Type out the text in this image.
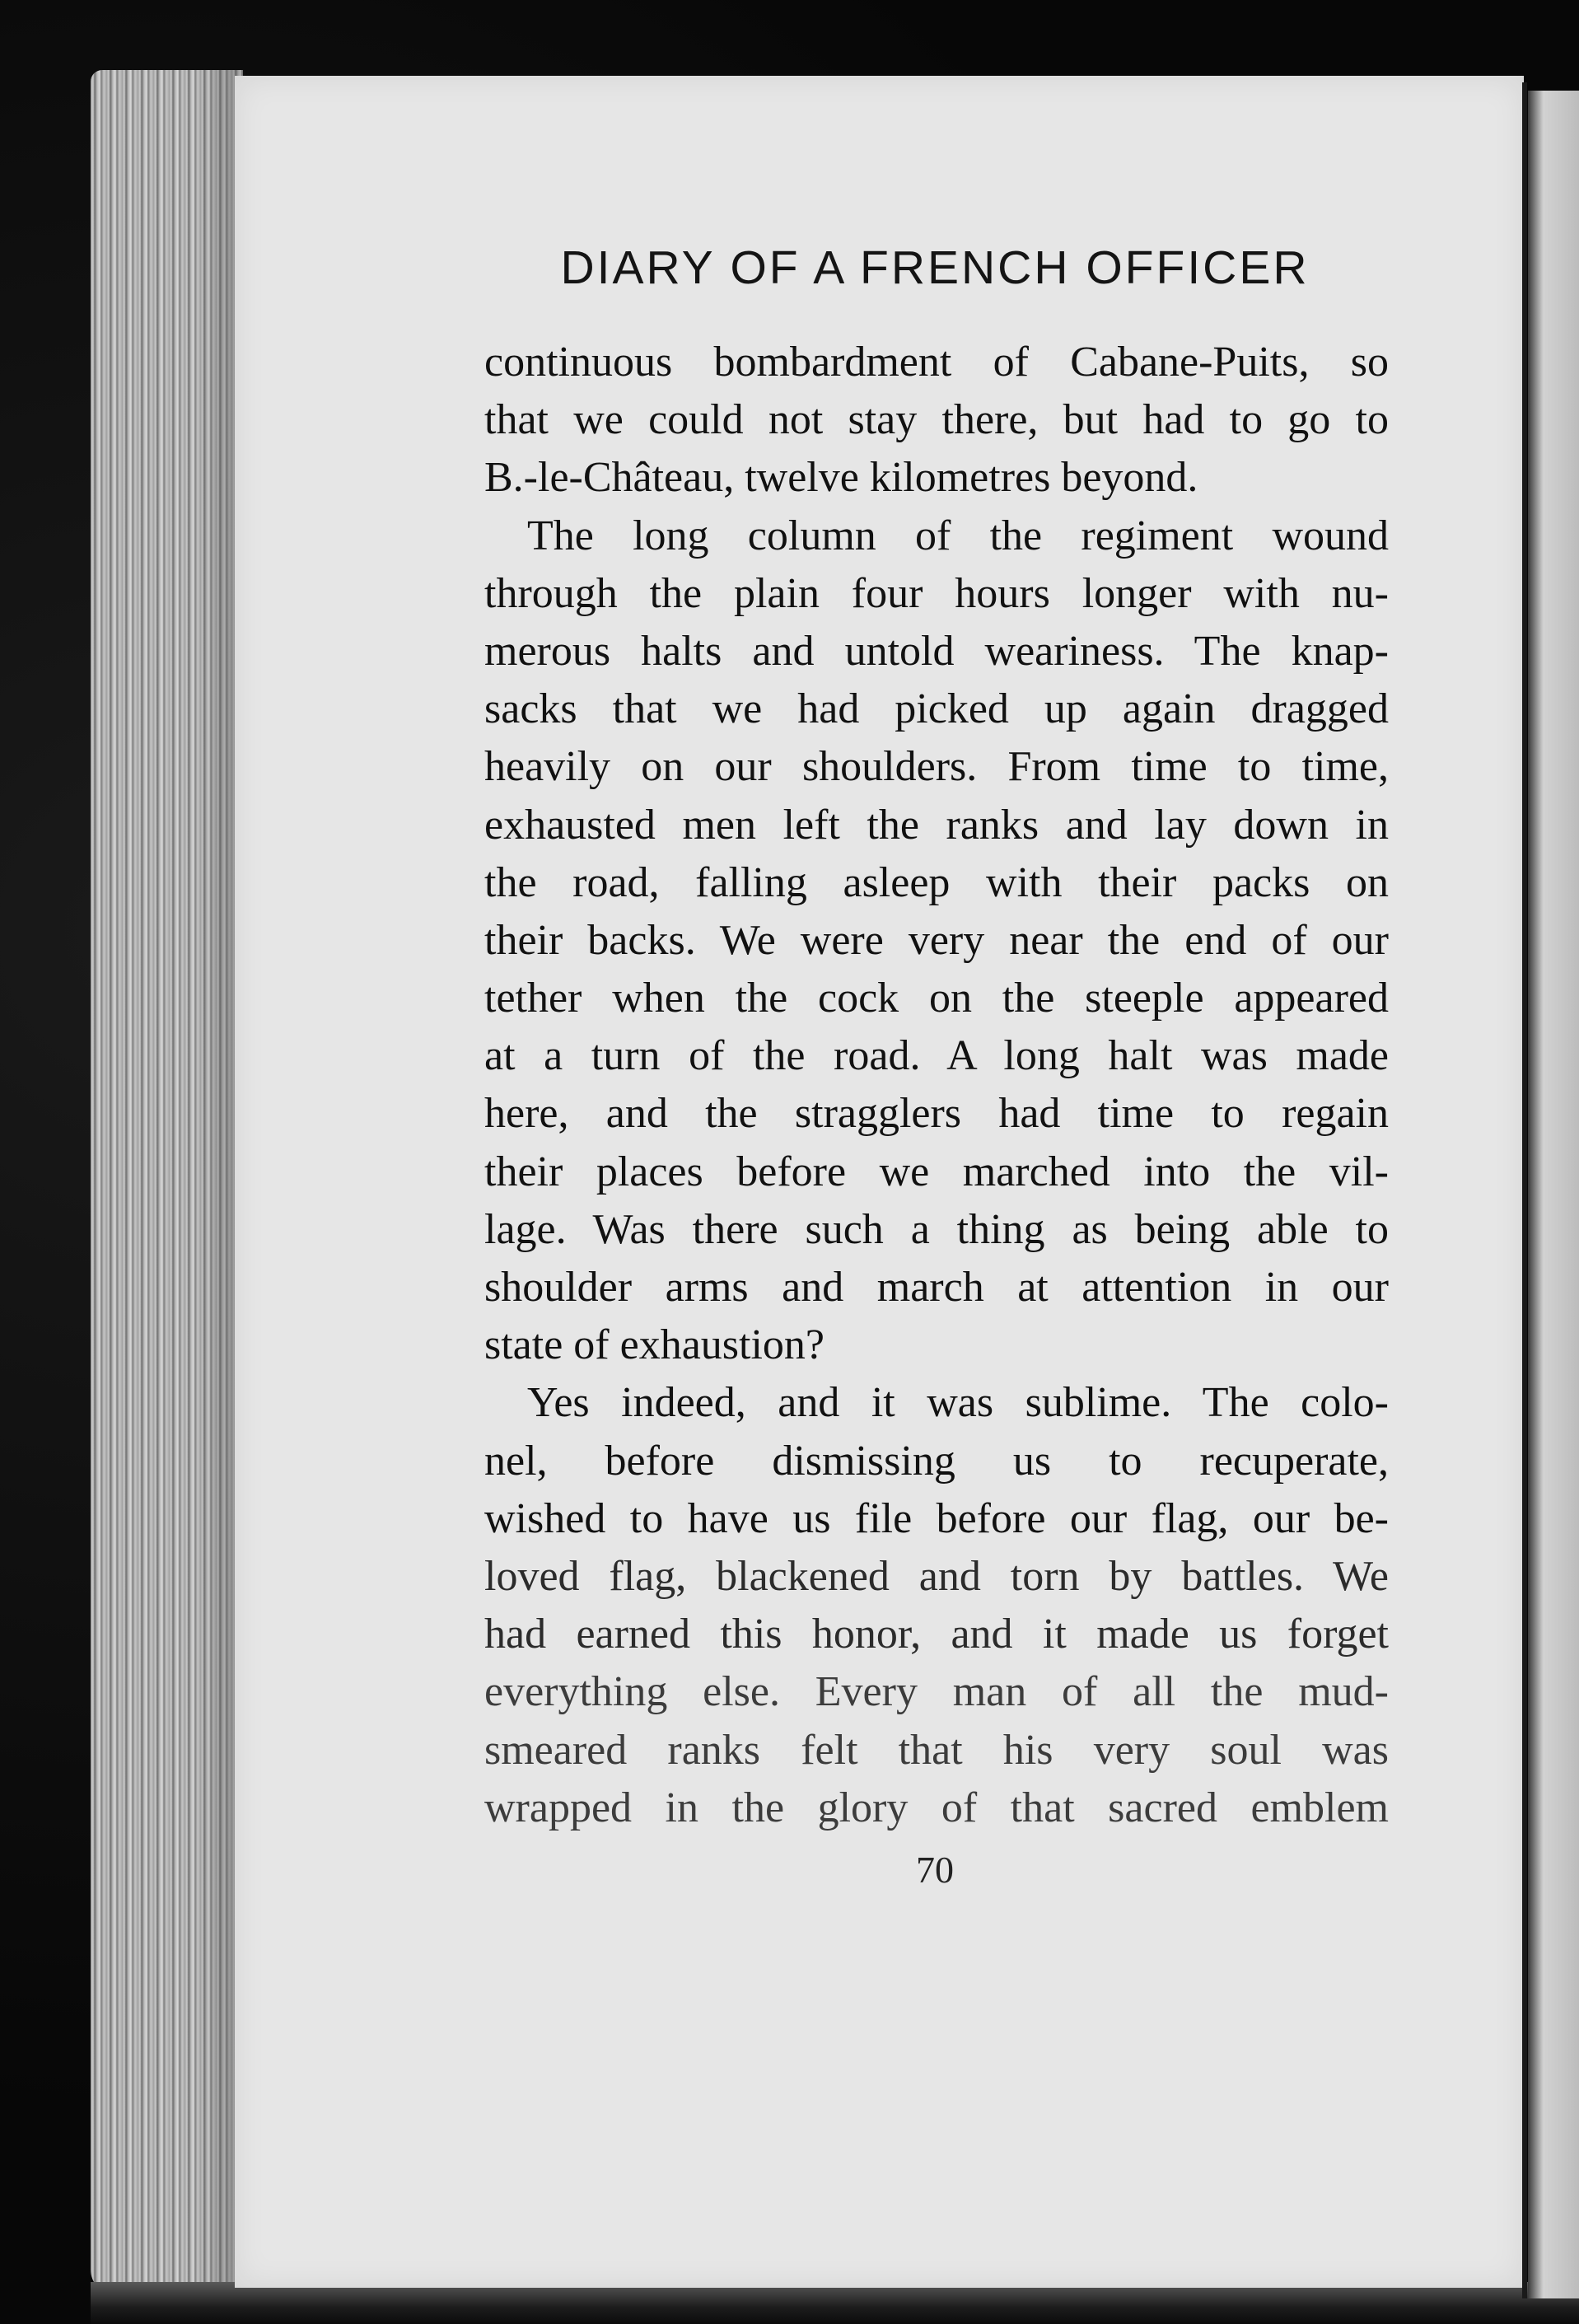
DIARY OF A FRENCH OFFICER
continuous bombardment of Cabane-Puits, so
that we could not stay there, but had to go to
B.-le-Château, twelve kilometres beyond.
The long column of the regiment wound
through the plain four hours longer with nu-
merous halts and untold weariness. The knap-
sacks that we had picked up again dragged
heavily on our shoulders. From time to time,
exhausted men left the ranks and lay down in
the road, falling asleep with their packs on
their backs. We were very near the end of our
tether when the cock on the steeple appeared
at a turn of the road. A long halt was made
here, and the stragglers had time to regain
their places before we marched into the vil-
lage. Was there such a thing as being able to
shoulder arms and march at attention in our
state of exhaustion?
Yes indeed, and it was sublime. The colo-
nel, before dismissing us to recuperate,
wished to have us file before our flag, our be-
loved flag, blackened and torn by battles. We
had earned this honor, and it made us forget
everything else. Every man of all the mud-
smeared ranks felt that his very soul was
wrapped in the glory of that sacred emblem
70
